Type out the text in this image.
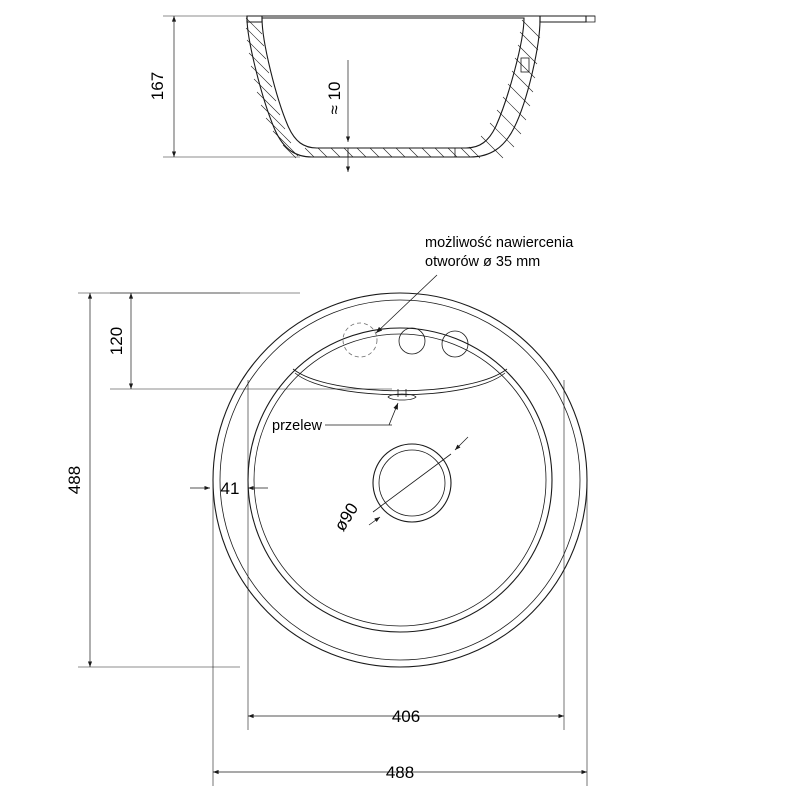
167	≈ 10
możliwość nawiercenia
otworów ø 35 mm
przelew
ø90
120
488	41
406
488
